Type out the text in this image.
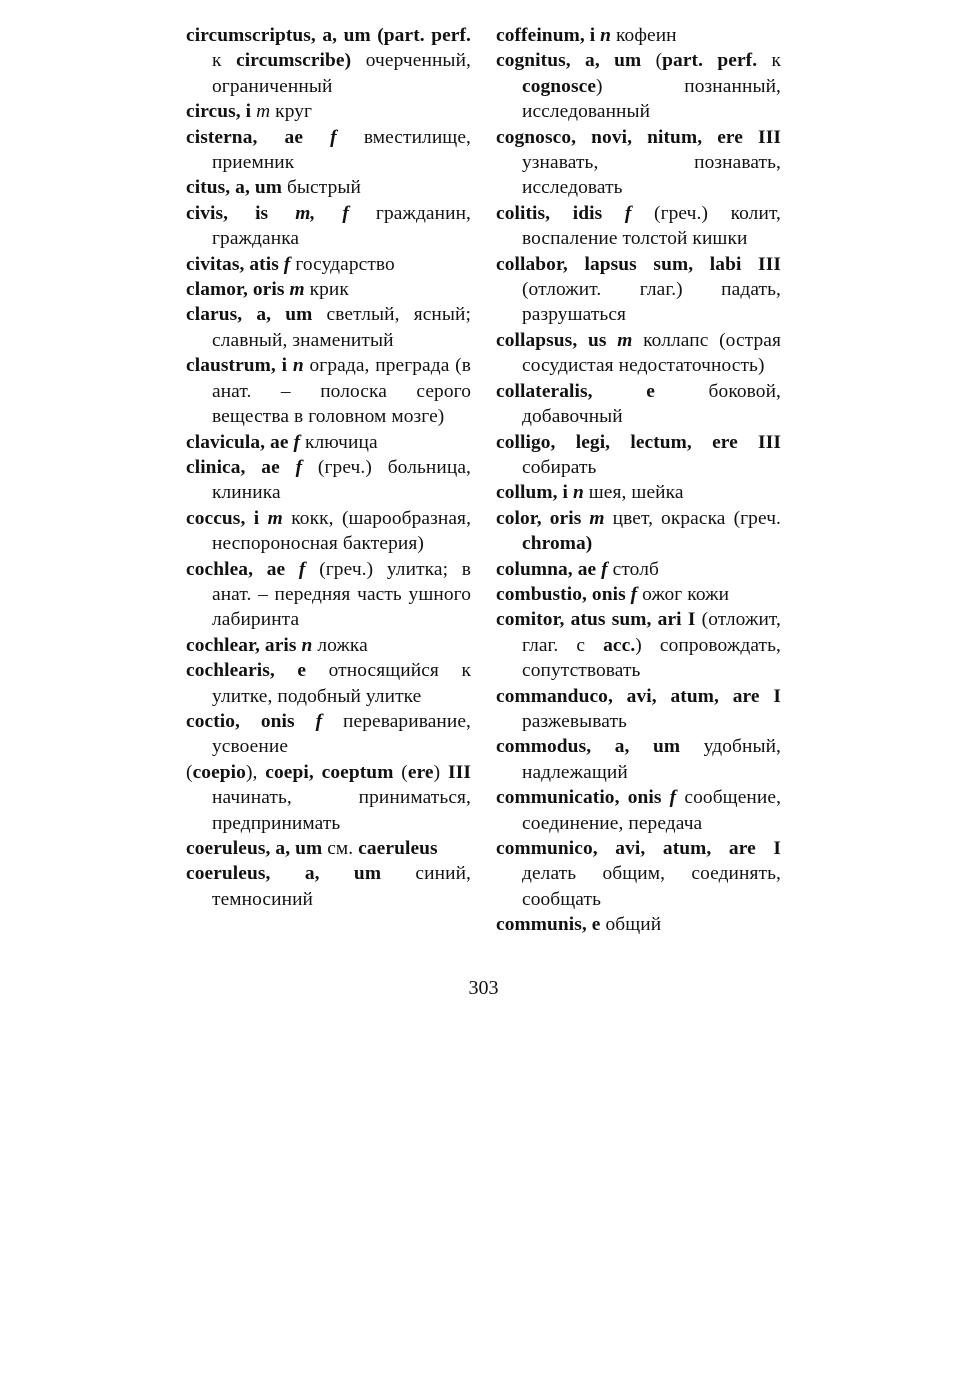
circumscriptus, a, um (part. perf. к circumscribe) очерченный, ограниченный
circus, i m круг
cisterna, ae f вместилище, приемник
citus, a, um быстрый
civis, is m, f гражданин, гражданка
civitas, atis f государство
clamor, oris m крик
clarus, a, um светлый, ясный; славный, знаменитый
claustrum, i n ограда, преграда (в анат. – полоска серого вещества в головном мозге)
clavicula, ae f ключица
clinica, ae f (греч.) больница, клиника
coccus, i m кокк, (шарообразная, неспороносная бактерия)
cochlea, ae f (греч.) улитка; в анат. – передняя часть ушного лабиринта
cochlear, aris n ложка
cochlearis, e относящийся к улитке, подобный улитке
coctio, onis f переваривание, усвоение
(coepio), coepi, coeptum (ere) III начинать, приниматься, предпринимать
coeruleus, a, um см. caeruleus
coeruleus, a, um синий, темносиний
coffeinum, i n кофеин
cognitus, a, um (part. perf. к cognosce) познанный, исследованный
cognosco, novi, nitum, ere III узнавать, познавать, исследовать
colitis, idis f (греч.) колит, воспаление толстой кишки
collabor, lapsus sum, labi III (отложит. глаг.) падать, разрушаться
collapsus, us m коллапс (острая сосудистая недостаточность)
collateralis, e боковой, добавочный
colligo, legi, lectum, ere III собирать
collum, i n шея, шейка
color, oris m цвет, окраска (греч. chroma)
columna, ae f столб
combustio, onis f ожог кожи
comitor, atus sum, ari I (отложит, глаг. с acc.) сопровождать, сопутствовать
commanduco, avi, atum, are I разжевывать
commodus, a, um удобный, надлежащий
communicatio, onis f сообщение, соединение, передача
communico, avi, atum, are I делать общим, соединять, сообщать
communis, e общий
303
